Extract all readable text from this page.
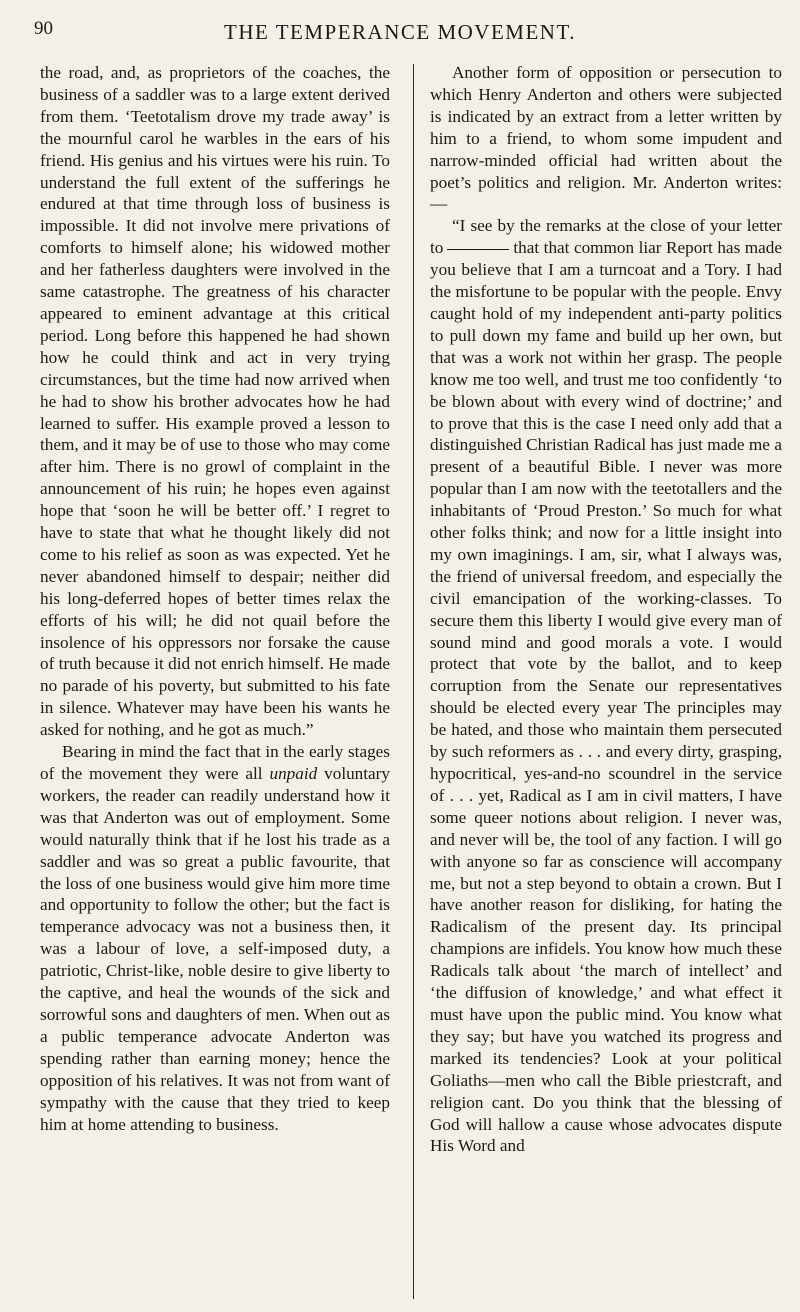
90	THE TEMPERANCE MOVEMENT.

the road, and, as proprietors of the coaches, the business of a saddler was to a large extent derived from them. ‘Teetotalism drove my trade away’ is the mournful carol he warbles in the ears of his friend. His genius and his virtues were his ruin. To understand the full extent of the sufferings he endured at that time through loss of business is impossible. It did not involve mere privations of comforts to himself alone; his widowed mother and her fatherless daughters were involved in the same catastrophe. The greatness of his character appeared to eminent advantage at this critical period. Long before this happened he had shown how he could think and act in very trying circumstances, but the time had now arrived when he had to show his brother advocates how he had learned to suffer. His example proved a lesson to them, and it may be of use to those who may come after him. There is no growl of complaint in the announcement of his ruin; he hopes even against hope that ‘soon he will be better off.’ I regret to have to state that what he thought likely did not come to his relief as soon as was expected. Yet he never abandoned himself to despair; neither did his long-deferred hopes of better times relax the efforts of his will; he did not quail before the insolence of his oppressors nor forsake the cause of truth because it did not enrich himself. He made no parade of his poverty, but submitted to his fate in silence. Whatever may have been his wants he asked for nothing, and he got as much.”

Bearing in mind the fact that in the early stages of the movement they were all unpaid voluntary workers, the reader can readily understand how it was that Anderton was out of employment. Some would naturally think that if he lost his trade as a saddler and was so great a public favourite, that the loss of one business would give him more time and opportunity to follow the other; but the fact is temperance advocacy was not a business then, it was a labour of love, a self-imposed duty, a patriotic, Christ-like, noble desire to give liberty to the captive, and heal the wounds of the sick and sorrowful sons and daughters of men. When out as a public temperance advocate Anderton was spending rather than earning money; hence the opposition of his relatives. It was not from want of sympathy with the cause that they tried to keep him at home attending to business.

Another form of opposition or persecution to which Henry Anderton and others were subjected is indicated by an extract from a letter written by him to a friend, to whom some impudent and narrow-minded official had written about the poet’s politics and religion. Mr. Anderton writes:—

“I see by the remarks at the close of your letter to	that that common liar Report has made you believe that I am a turncoat and a Tory. I had the misfortune to be popular with the people. Envy caught hold of my independent anti-party politics to pull down my fame and build up her own, but that was a work not within her grasp. The people know me too well, and trust me too confidently ‘to be blown about with every wind of doctrine;’ and to prove that this is the case I need only add that a distinguished Christian Radical has just made me a present of a beautiful Bible. I never was more popular than I am now with the teetotallers and the inhabitants of ‘Proud Preston.’ So much for what other folks think; and now for a little insight into my own imaginings. I am, sir, what I always was, the friend of universal freedom, and especially the civil emancipation of the working-classes. To secure them this liberty I would give every man of sound mind and good morals a vote. I would protect that vote by the ballot, and to keep corruption from the Senate our representatives should be elected every year The principles may be hated, and those who maintain them persecuted by such reformers as . . . and every dirty, grasping, hypocritical, yes-and-no scoundrel in the service of . . . yet, Radical as I am in civil matters, I have some queer notions about religion. I never was, and never will be, the tool of any faction. I will go with anyone so far as conscience will accompany me, but not a step beyond to obtain a crown. But I have another reason for disliking, for hating the Radicalism of the present day. Its principal champions are infidels. You know how much these Radicals talk about ‘the march of intellect’ and ‘the diffusion of knowledge,’ and what effect it must have upon the public mind. You know what they say; but have you watched its progress and marked its tendencies? Look at your political Goliaths—men who call the Bible priestcraft, and religion cant. Do you think that the blessing of God will hallow a cause whose advocates dispute His Word and
